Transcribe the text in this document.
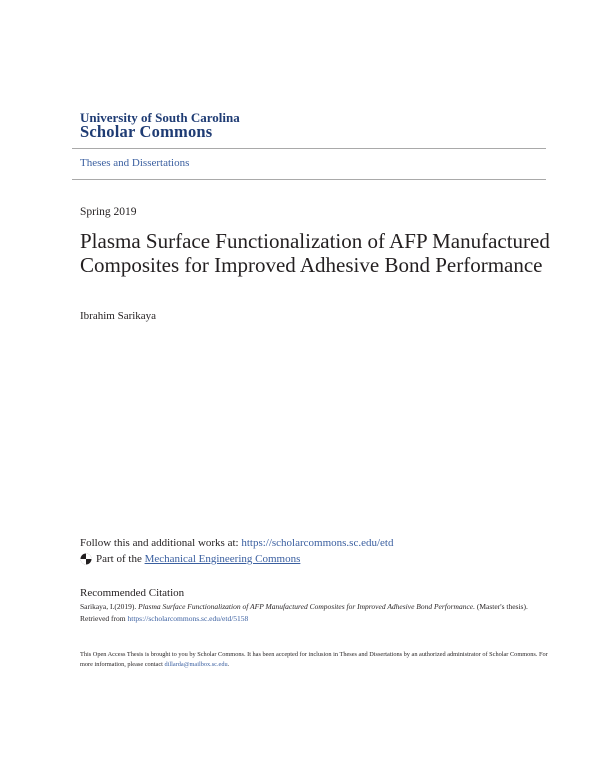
University of South Carolina
Scholar Commons
Theses and Dissertations
Spring 2019
Plasma Surface Functionalization of AFP Manufactured Composites for Improved Adhesive Bond Performance
Ibrahim Sarikaya
Follow this and additional works at: https://scholarcommons.sc.edu/etd
Part of the
Mechanical Engineering Commons
Recommended Citation
Sarikaya, I.(2019). Plasma Surface Functionalization of AFP Manufactured Composites for Improved Adhesive Bond Performance. (Master's thesis). Retrieved from https://scholarcommons.sc.edu/etd/5158
This Open Access Thesis is brought to you by Scholar Commons. It has been accepted for inclusion in Theses and Dissertations by an authorized administrator of Scholar Commons. For more information, please contact dillarda@mailbox.sc.edu.
